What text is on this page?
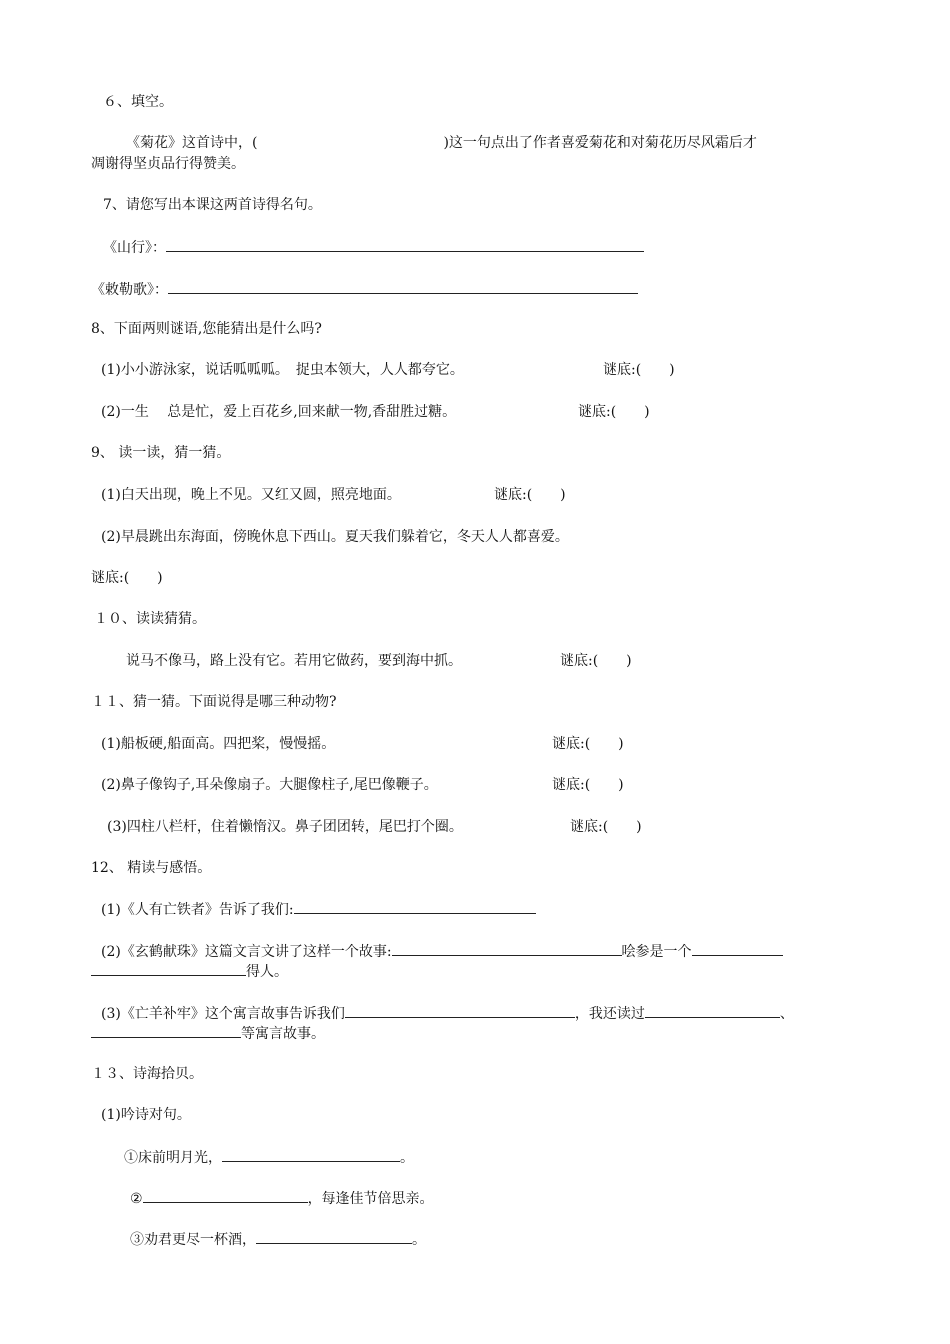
６、填空。
《菊花》这首诗中，(	)这一句点出了作者喜爱菊花和对菊花历尽风霜后才
凋谢得坚贞品行得赞美。
7、请您写出本课这两首诗得名句。
《山行》：
《敕勒歌》：
8、下面两则谜语,您能猜出是什么吗?
(1)小小游泳家，说话呱呱呱。　捉虫本领大，人人都夸它。	谜底:(　　)
(2)一生　 总是忙，爱上百花乡,回来献一物,香甜胜过糖。	谜底:(　　)
9、 读一读，猜一猜。
(1)白天出现，晚上不见。又红又圆，照亮地面。	谜底:(　　)
(2)早晨跳出东海面，傍晚休息下西山。夏天我们躲着它，冬天人人都喜爱。
谜底:(　　)
１０、读读猜猜。
说马不像马，路上没有它。若用它做药，要到海中抓。	谜底:(　　)
１１、猜一猜。下面说得是哪三种动物?
(1)船板硬,船面高。四把桨，慢慢摇。	谜底:(　　)
(2)鼻子像钩子,耳朵像扇子。大腿像柱子,尾巴像鞭子。	谜底:(　　)
(3)四柱八栏杆，住着懒惰汉。鼻子团团转，尾巴打个圈。	谜底:(　　)
12、 精读与感悟。
(1)《人有亡铁者》告诉了我们:
(2)《玄鹤献珠》这篇文言文讲了这样一个故事:	哙参是一个
得人。
(3)《亡羊补牢》这个寓言故事告诉我们	，我还读过	、
等寓言故事。
１３、诗海拾贝。
(1)吟诗对句。
①床前明月光，	。
②	，每逢佳节倍思亲。
③劝君更尽一杯酒，	。
